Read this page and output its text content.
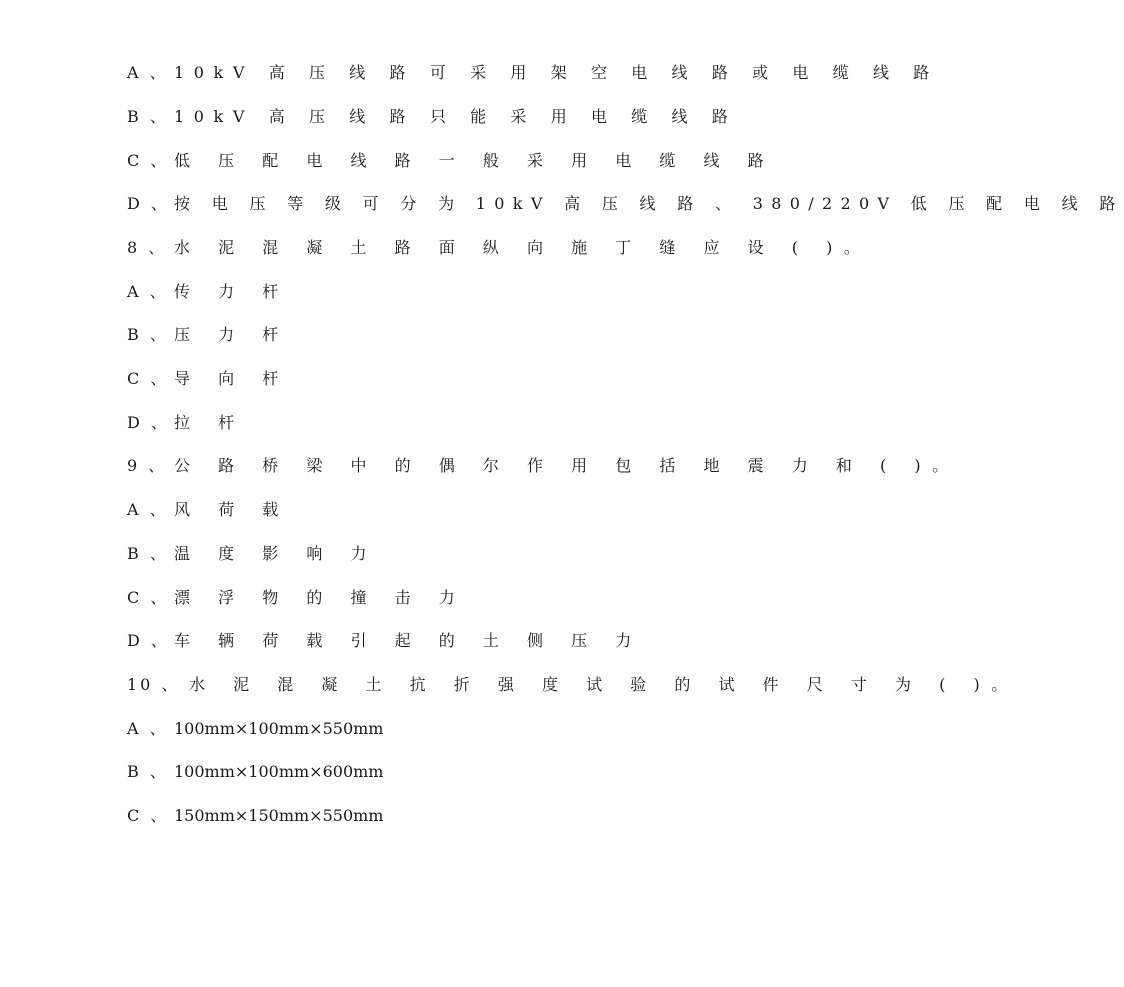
A 、 10kV 高 压 线 路 可 采 用 架 空 电 线 路 或 电 缆 线 路
B 、 10kV 高 压 线 路 只 能 采 用 电 缆 线 路
C 、 低 压 配 电 线 路 一 般 采 用 电 缆 线 路
D 、 按 电 压 等 级 可 分 为 10kV 高 压 线 路 、 380/220V 低 压 配 电 线 路
8 、 水 泥 混 凝 土 路 面 纵 向 施 丁 缝 应 设 ( )。
A 、 传 力 杆
B 、 压 力 杆
C 、 导 向 杆
D 、 拉 杆
9 、 公 路 桥 梁 中 的 偶 尔 作 用 包 括 地 震 力 和 ( )。
A 、 风 荷 载
B 、 温 度 影 响 力
C 、 漂 浮 物 的 撞 击 力
D 、 车 辆 荷 载 引 起 的 土 侧 压 力
10 、 水 泥 混 凝 土 抗 折 强 度 试 验 的 试 件 尺 寸 为 ( )。
A 、 100mm×100mm×550mm
B 、 100mm×100mm×600mm
C 、 150mm×150mm×550mm
